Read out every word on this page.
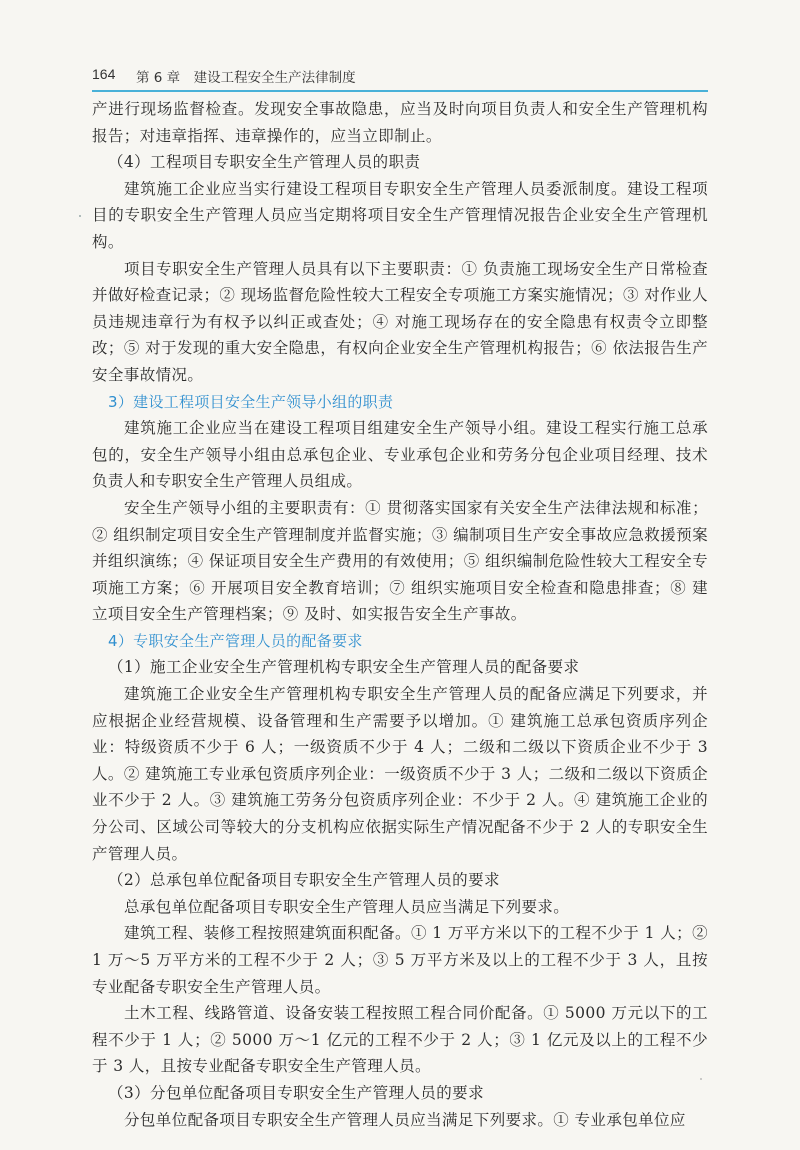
164 第 6 章　建设工程安全生产法律制度

产进行现场监督检查。发现安全事故隐患，应当及时向项目负责人和安全生产管理机构报告；对违章指挥、违章操作的，应当立即制止。

（4）工程项目专职安全生产管理人员的职责

建筑施工企业应当实行建设工程项目专职安全生产管理人员委派制度。建设工程项目的专职安全生产管理人员应当定期将项目安全生产管理情况报告企业安全生产管理机构。

项目专职安全生产管理人员具有以下主要职责：① 负责施工现场安全生产日常检查并做好检查记录；② 现场监督危险性较大工程安全专项施工方案实施情况；③ 对作业人员违规违章行为有权予以纠正或查处；④ 对施工现场存在的安全隐患有权责令立即整改；⑤ 对于发现的重大安全隐患，有权向企业安全生产管理机构报告；⑥ 依法报告生产安全事故情况。

3）建设工程项目安全生产领导小组的职责

建筑施工企业应当在建设工程项目组建安全生产领导小组。建设工程实行施工总承包的，安全生产领导小组由总承包企业、专业承包企业和劳务分包企业项目经理、技术负责人和专职安全生产管理人员组成。

安全生产领导小组的主要职责有：① 贯彻落实国家有关安全生产法律法规和标准；② 组织制定项目安全生产管理制度并监督实施；③ 编制项目生产安全事故应急救援预案并组织演练；④ 保证项目安全生产费用的有效使用；⑤ 组织编制危险性较大工程安全专项施工方案；⑥ 开展项目安全教育培训；⑦ 组织实施项目安全检查和隐患排查；⑧ 建立项目安全生产管理档案；⑨ 及时、如实报告安全生产事故。

4）专职安全生产管理人员的配备要求

（1）施工企业安全生产管理机构专职安全生产管理人员的配备要求

建筑施工企业安全生产管理机构专职安全生产管理人员的配备应满足下列要求，并应根据企业经营规模、设备管理和生产需要予以增加。① 建筑施工总承包资质序列企业：特级资质不少于 6 人；一级资质不少于 4 人；二级和二级以下资质企业不少于 3 人。② 建筑施工专业承包资质序列企业：一级资质不少于 3 人；二级和二级以下资质企业不少于 2 人。③ 建筑施工劳务分包资质序列企业：不少于 2 人。④ 建筑施工企业的分公司、区域公司等较大的分支机构应依据实际生产情况配备不少于 2 人的专职安全生产管理人员。

（2）总承包单位配备项目专职安全生产管理人员的要求

总承包单位配备项目专职安全生产管理人员应当满足下列要求。

建筑工程、装修工程按照建筑面积配备。① 1 万平方米以下的工程不少于 1 人；② 1 万～5 万平方米的工程不少于 2 人；③ 5 万平方米及以上的工程不少于 3 人，且按专业配备专职安全生产管理人员。

土木工程、线路管道、设备安装工程按照工程合同价配备。① 5000 万元以下的工程不少于 1 人；② 5000 万～1 亿元的工程不少于 2 人；③ 1 亿元及以上的工程不少于 3 人，且按专业配备专职安全生产管理人员。

（3）分包单位配备项目专职安全生产管理人员的要求

分包单位配备项目专职安全生产管理人员应当满足下列要求。① 专业承包单位应
